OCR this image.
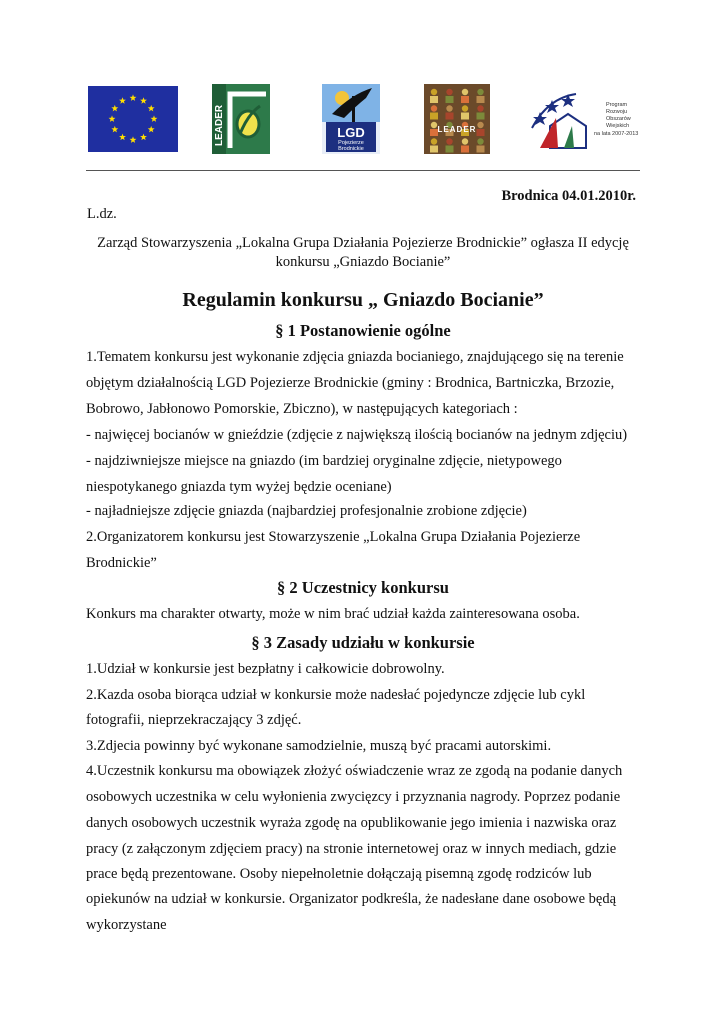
LEADER	LGD
Pojezierze
Brodnickie
LEADER
Program
Rozwoju
Obszarów
Wiejskich
na lata 2007-2013
Brodnica 04.01.2010r.
L.dz.
Zarząd Stowarzyszenia „Lokalna Grupa Działania Pojezierze Brodnickie” ogłasza II edycję
konkursu „Gniazdo Bocianie”
Regulamin konkursu „ Gniazdo Bocianie”
§ 1 Postanowienie ogólne
1.Tematem konkursu jest wykonanie zdjęcia gniazda bocianiego, znajdującego się na terenie
objętym działalnością LGD Pojezierze Brodnickie (gminy : Brodnica, Bartniczka, Brzozie,
Bobrowo, Jabłonowo Pomorskie, Zbiczno), w następujących kategoriach :
- najwięcej bocianów w gnieździe (zdjęcie z największą ilością bocianów na jednym zdjęciu)
- najdziwniejsze miejsce na gniazdo (im bardziej oryginalne zdjęcie, nietypowego
niespotykanego gniazda tym wyżej będzie oceniane)
- najładniejsze zdjęcie gniazda (najbardziej profesjonalnie zrobione zdjęcie)
2.Organizatorem konkursu jest Stowarzyszenie „Lokalna Grupa Działania Pojezierze
Brodnickie”
§ 2 Uczestnicy konkursu
Konkurs ma charakter otwarty, może w nim brać udział każda zainteresowana osoba.
§ 3 Zasady udziału w konkursie
1.Udział w konkursie jest bezpłatny i całkowicie dobrowolny.
2.Kazda osoba biorąca udział w konkursie może nadesłać pojedyncze zdjęcie lub cykl
fotografii, nieprzekraczający 3 zdjęć.
3.Zdjecia powinny być wykonane samodzielnie, muszą być pracami autorskimi.
4.Uczestnik konkursu ma obowiązek złożyć oświadczenie wraz ze zgodą na podanie danych
osobowych uczestnika w celu wyłonienia zwycięzcy i przyznania nagrody. Poprzez podanie
danych osobowych uczestnik wyraża zgodę na opublikowanie jego imienia i nazwiska oraz
pracy (z załączonym zdjęciem pracy) na stronie internetowej oraz w innych mediach, gdzie
prace będą prezentowane. Osoby niepełnoletnie dołączają pisemną zgodę rodziców lub
opiekunów na udział w konkursie. Organizator podkreśla, że nadesłane dane osobowe będą
wykorzystane
